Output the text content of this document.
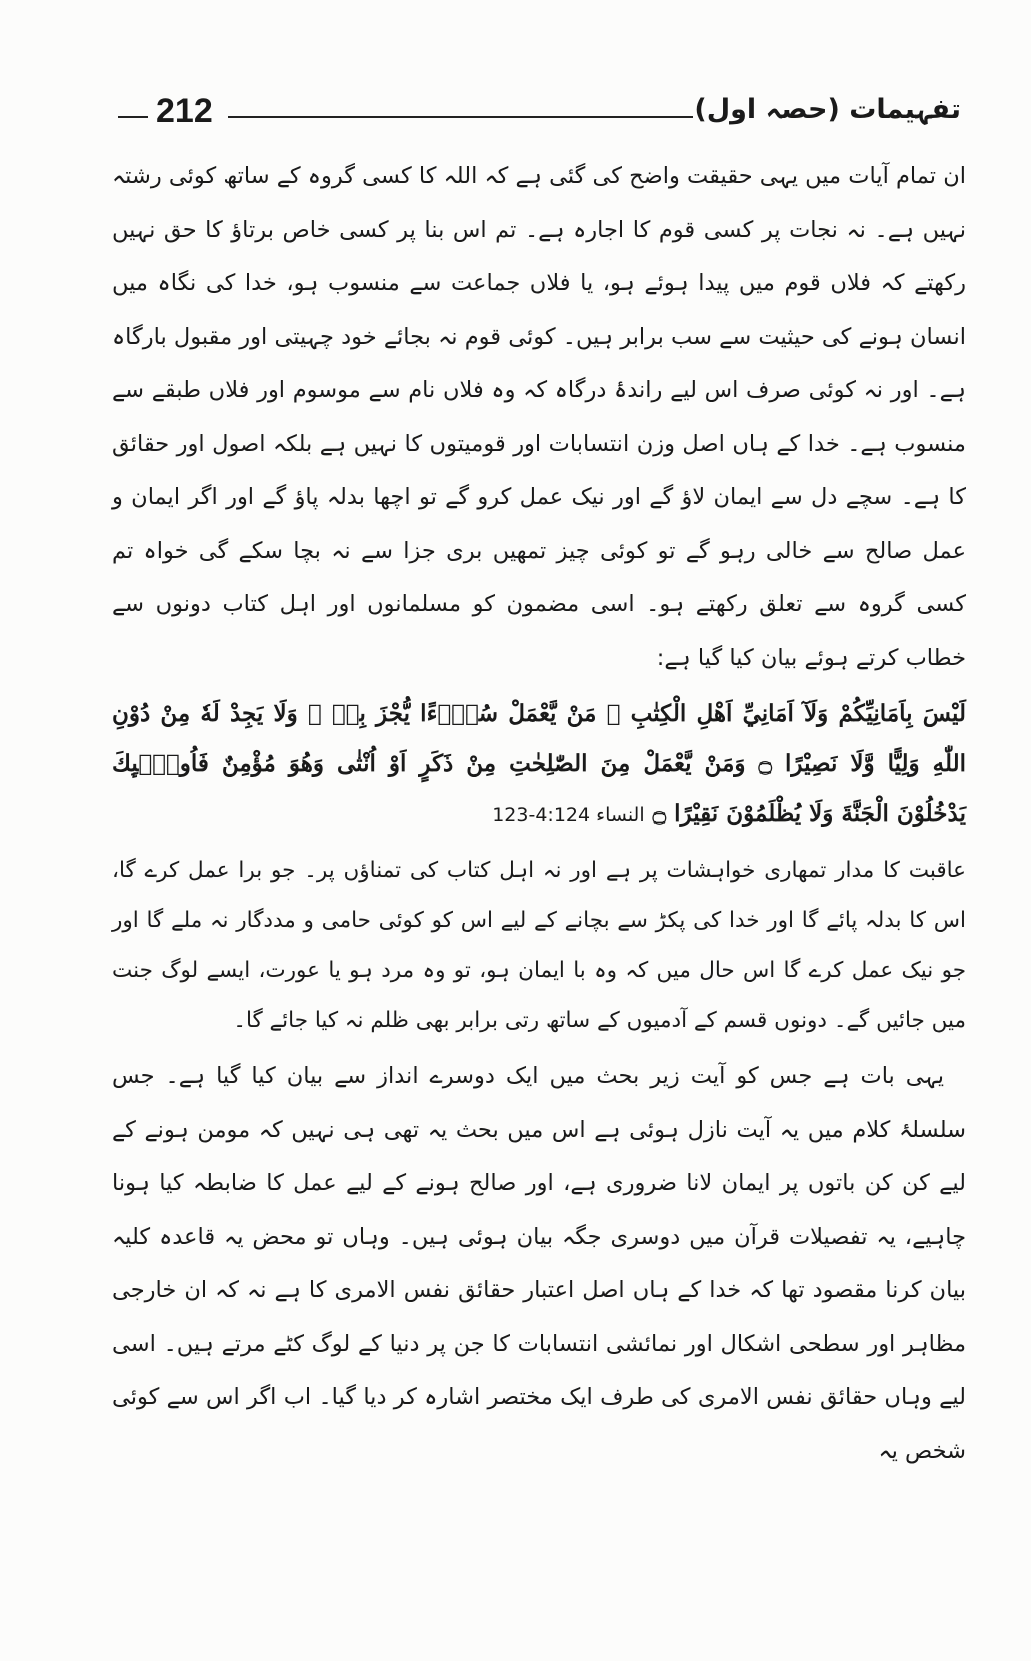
تفہیمات (حصہ اول)
212

ان تمام آیات میں یہی حقیقت واضح کی گئی ہے کہ اللہ کا کسی گروہ کے ساتھ کوئی رشتہ نہیں ہے۔ نہ نجات پر کسی قوم کا اجارہ ہے۔ تم اس بنا پر کسی خاص برتاؤ کا حق نہیں رکھتے کہ فلاں قوم میں پیدا ہوئے ہو، یا فلاں جماعت سے منسوب ہو، خدا کی نگاہ میں انسان ہونے کی حیثیت سے سب برابر ہیں۔ کوئی قوم نہ بجائے خود چہیتی اور مقبول بارگاہ ہے۔ اور نہ کوئی صرف اس لیے راندۂ درگاہ کہ وہ فلاں نام سے موسوم اور فلاں طبقے سے منسوب ہے۔ خدا کے ہاں اصل وزن انتسابات اور قومیتوں کا نہیں ہے بلکہ اصول اور حقائق کا ہے۔ سچے دل سے ایمان لاؤ گے اور نیک عمل کرو گے تو اچھا بدلہ پاؤ گے اور اگر ایمان و عمل صالح سے خالی رہو گے تو کوئی چیز تمھیں بری جزا سے نہ بچا سکے گی خواہ تم کسی گروہ سے تعلق رکھتے ہو۔ اسی مضمون کو مسلمانوں اور اہل کتاب دونوں سے خطاب کرتے ہوئے بیان کیا گیا ہے:

لَيْسَ بِاَمَانِيِّكُمْ وَلَآ اَمَانِيِّ اَهْلِ الْكِتٰبِ ۭ مَنْ يَّعْمَلْ سُوْۗءًا يُّجْزَ بِهٖ ۙ وَلَا يَجِدْ لَهٗ مِنْ دُوْنِ اللّٰهِ وَلِيًّا وَّلَا نَصِيْرًا ۝ وَمَنْ يَّعْمَلْ مِنَ الصّٰلِحٰتِ مِنْ ذَكَرٍ اَوْ اُنْثٰى وَهُوَ مُؤْمِنٌ فَاُولٰۗىِٕكَ يَدْخُلُوْنَ الْجَنَّةَ وَلَا يُظْلَمُوْنَ نَقِيْرًا ۝ النساء 4:124-123

عاقبت کا مدار تمھاری خواہشات پر ہے اور نہ اہل کتاب کی تمناؤں پر۔ جو برا عمل کرے گا، اس کا بدلہ پائے گا اور خدا کی پکڑ سے بچانے کے لیے اس کو کوئی حامی و مددگار نہ ملے گا اور جو نیک عمل کرے گا اس حال میں کہ وہ با ایمان ہو، تو وہ مرد ہو یا عورت، ایسے لوگ جنت میں جائیں گے۔ دونوں قسم کے آدمیوں کے ساتھ رتی برابر بھی ظلم نہ کیا جائے گا۔

یہی بات ہے جس کو آیت زیر بحث میں ایک دوسرے انداز سے بیان کیا گیا ہے۔ جس سلسلۂ کلام میں یہ آیت نازل ہوئی ہے اس میں بحث یہ تھی ہی نہیں کہ مومن ہونے کے لیے کن کن باتوں پر ایمان لانا ضروری ہے، اور صالح ہونے کے لیے عمل کا ضابطہ کیا ہونا چاہیے، یہ تفصیلات قرآن میں دوسری جگہ بیان ہوئی ہیں۔ وہاں تو محض یہ قاعدہ کلیہ بیان کرنا مقصود تھا کہ خدا کے ہاں اصل اعتبار حقائق نفس الامری کا ہے نہ کہ ان خارجی مظاہر اور سطحی اشکال اور نمائشی انتسابات کا جن پر دنیا کے لوگ کٹے مرتے ہیں۔ اسی لیے وہاں حقائق نفس الامری کی طرف ایک مختصر اشارہ کر دیا گیا۔ اب اگر اس سے کوئی شخص یہ
